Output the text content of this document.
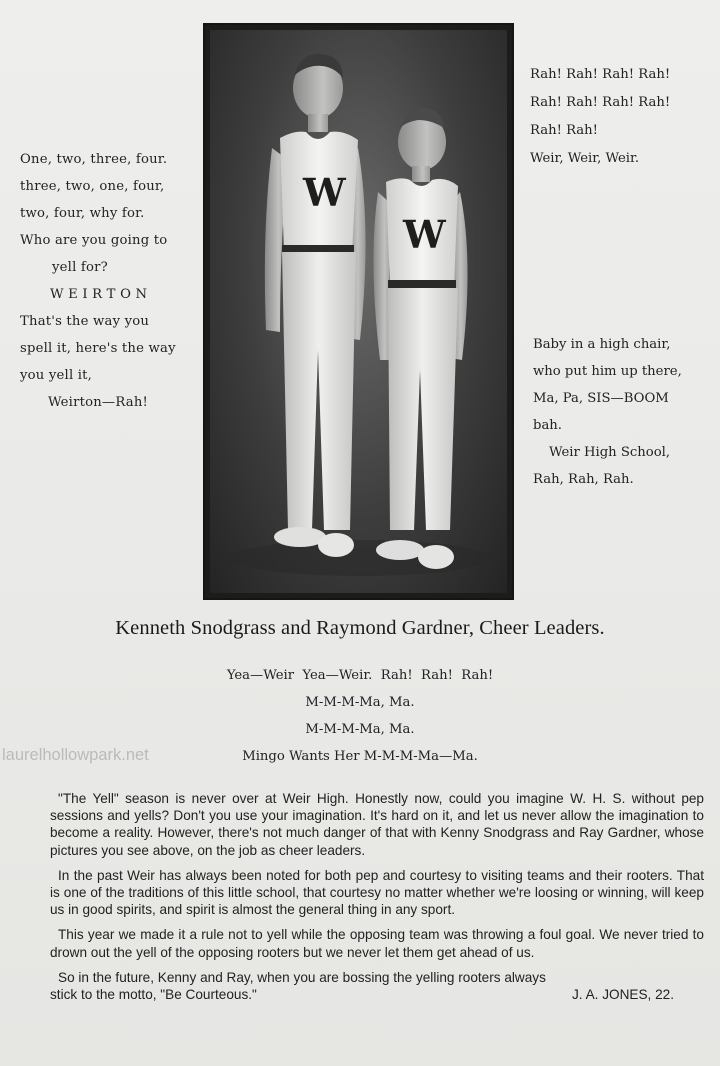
One, two, three, four.
three, two, one, four,
two, four, why for.
Who are you going to
yell for?
W E I R T O N
That's the way you
spell it, here's the way
you yell it,
Weirton—Rah!
W
W
Rah! Rah! Rah! Rah!
Rah! Rah! Rah! Rah!
Rah! Rah!
Weir, Weir, Weir.
Baby in a high chair,
who put him up there,
Ma, Pa, SIS—BOOM
bah.
Weir High School,
Rah, Rah, Rah.
Kenneth Snodgrass and Raymond Gardner, Cheer Leaders.
Yea—Weir  Yea—Weir.  Rah!  Rah!  Rah!
M-M-M-Ma, Ma.
M-M-M-Ma, Ma.
Mingo Wants Her M-M-M-Ma—Ma.
laurelhollowpark.net

"The Yell" season is never over at Weir High. Honestly now, could you imagine W. H. S. without pep sessions and yells? Don't you use your imagination. It's hard on it, and let us never allow the imagination to become a reality. However, there's not much danger of that with Kenny Snodgrass and Ray Gardner, whose pictures you see above, on the job as cheer leaders.

In the past Weir has always been noted for both pep and courtesy to visiting teams and their rooters. That is one of the traditions of this little school, that courtesy no matter whether we're loosing or winning, will keep us in good spirits, and spirit is almost the general thing in any sport.

This year we made it a rule not to yell while the opposing team was throwing a foul goal. We never tried to drown out the yell of the opposing rooters but we never let them get ahead of us.

So in the future, Kenny and Ray, when you are bossing the yelling rooters always

stick to the motto, "Be Courteous."	J. A. JONES, 22.
